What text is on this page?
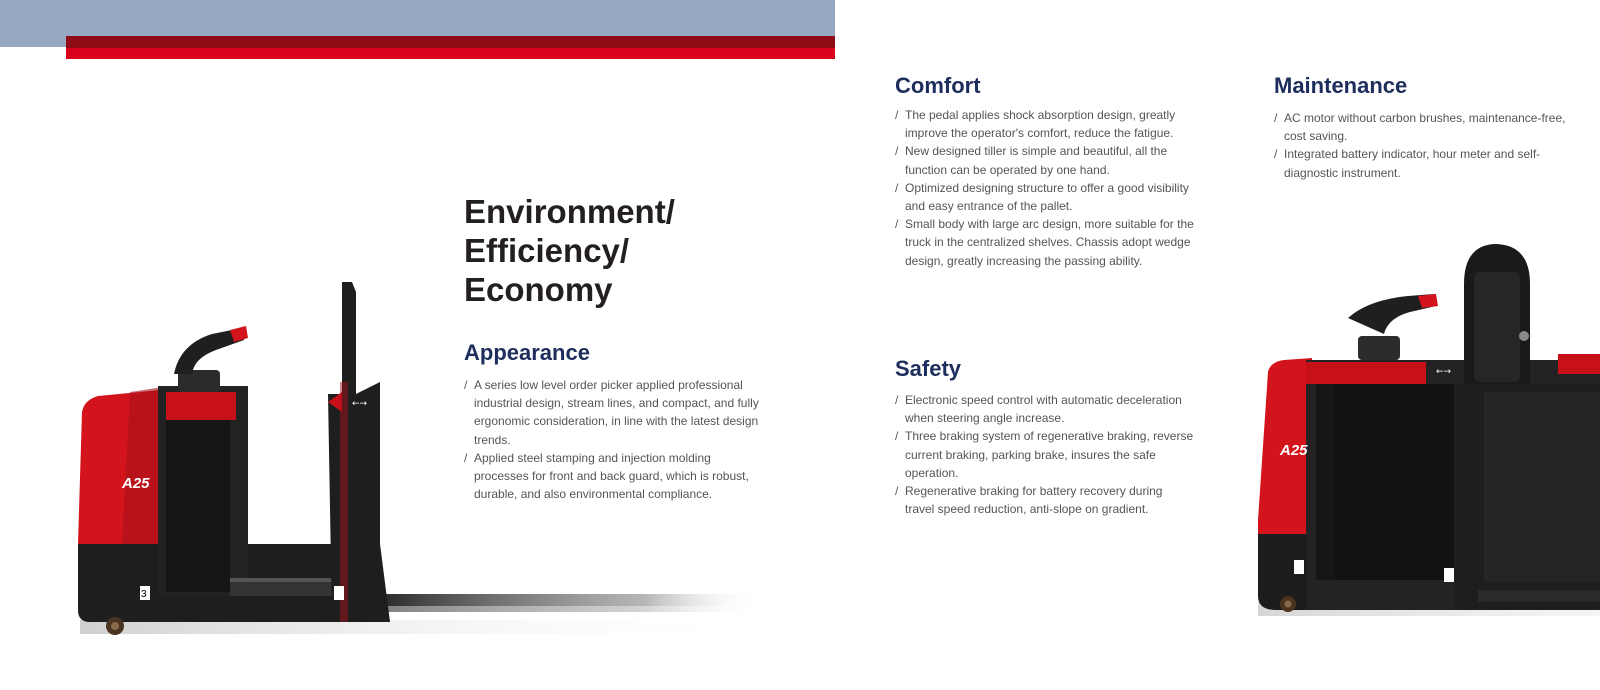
A25
←→
3
Environment/
Efficiency/
Economy
Appearance
/ A series low level order picker applied professional industrial design, stream lines, and compact, and fully ergonomic consideration, in line with the latest design trends.
/ Applied steel stamping and injection molding processes for front and back guard, which is robust, durable, and also environmental compliance.
Comfort
/ The pedal applies shock absorption design, greatly improve the operator's comfort, reduce the fatigue.
/ New designed tiller is simple and beautiful, all the function can be operated by one hand.
/ Optimized designing structure to offer a good visibility and easy entrance of the pallet.
/ Small body with large arc design, more suitable for the truck in the centralized shelves. Chassis adopt wedge design, greatly increasing the passing ability.
Safety
/ Electronic speed control with automatic deceleration when steering angle increase.
/ Three braking system of regenerative braking, reverse current braking, parking brake, insures the safe operation.
/ Regenerative braking for battery recovery during travel speed reduction, anti-slope on gradient.
Maintenance
/ AC motor without carbon brushes, maintenance-free, cost saving.
/ Integrated battery indicator, hour meter and self-diagnostic instrument.
A25
←→
